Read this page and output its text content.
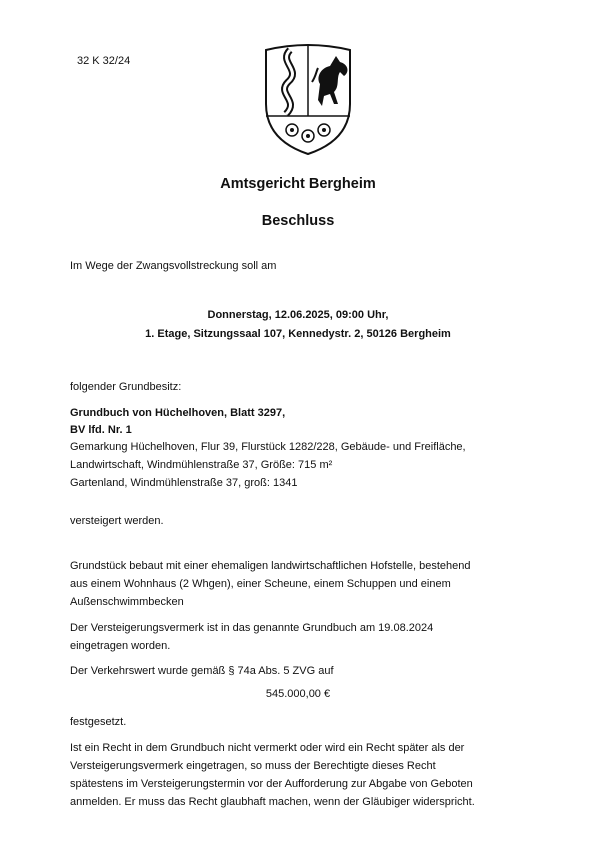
32 K 32/24
Amtsgericht Bergheim
Beschluss
Im Wege der Zwangsvollstreckung soll am
Donnerstag, 12.06.2025, 09:00 Uhr,
1. Etage, Sitzungssaal 107, Kennedystr. 2, 50126 Bergheim
folgender Grundbesitz:
Grundbuch von Hüchelhoven, Blatt 3297,
BV lfd. Nr. 1
Gemarkung Hüchelhoven, Flur 39, Flurstück 1282/228, Gebäude- und Freifläche,
Landwirtschaft, Windmühlenstraße 37, Größe: 715 m²
Gartenland, Windmühlenstraße 37, groß: 1341
versteigert werden.
Grundstück bebaut mit einer ehemaligen landwirtschaftlichen Hofstelle, bestehend
aus einem Wohnhaus (2 Whgen), einer Scheune, einem Schuppen und einem
Außenschwimmbecken
Der Versteigerungsvermerk ist in das genannte Grundbuch am 19.08.2024
eingetragen worden.
Der Verkehrswert wurde gemäß § 74a Abs. 5 ZVG auf
545.000,00 €
festgesetzt.
Ist ein Recht in dem Grundbuch nicht vermerkt oder wird ein Recht später als der
Versteigerungsvermerk eingetragen, so muss der Berechtigte dieses Recht
spätestens im Versteigerungstermin vor der Aufforderung zur Abgabe von Geboten
anmelden. Er muss das Recht glaubhaft machen, wenn der Gläubiger widerspricht.
